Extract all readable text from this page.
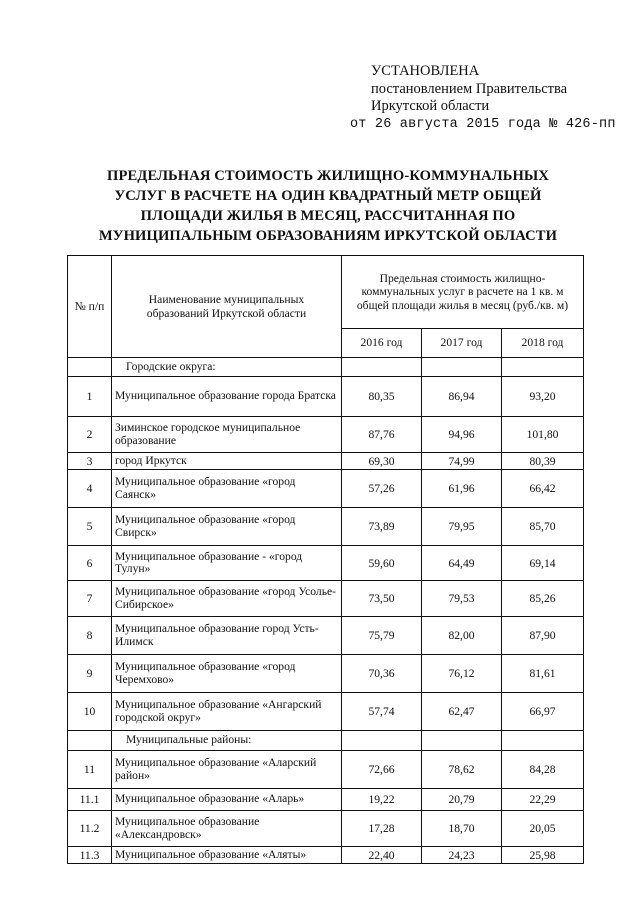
УСТАНОВЛЕНА
постановлением Правительства
Иркутской области
от 26 августа 2015 года № 426-пп
ПРЕДЕЛЬНАЯ СТОИМОСТЬ ЖИЛИЩНО-КОММУНАЛЬНЫХ
УСЛУГ В РАСЧЕТЕ НА ОДИН КВАДРАТНЫЙ МЕТР ОБЩЕЙ
ПЛОЩАДИ ЖИЛЬЯ В МЕСЯЦ, РАССЧИТАННАЯ ПО
МУНИЦИПАЛЬНЫМ ОБРАЗОВАНИЯМ ИРКУТСКОЙ ОБЛАСТИ
№ п/п	Наименование муниципальных образований Иркутской области	Предельная стоимость жилищно-коммунальных услуг в расчете на 1 кв. м общей площади жилья в месяц (руб./кв. м)		
		2016 год	2017 год	2018 год
	Городские округа:			
1	Муниципальное образование города Братска	80,35	86,94	93,20
2	Зиминское городское муниципальное образование	87,76	94,96	101,80
3	город Иркутск	69,30	74,99	80,39
4	Муниципальное образование «город Саянск»	57,26	61,96	66,42
5	Муниципальное образование «город Свирск»	73,89	79,95	85,70
6	Муниципальное образование - «город Тулун»	59,60	64,49	69,14
7	Муниципальное образование «город Усолье-Сибирское»	73,50	79,53	85,26
8	Муниципальное образование город Усть-Илимск	75,79	82,00	87,90
9	Муниципальное образование «город Черемхово»	70,36	76,12	81,61
10	Муниципальное образование «Ангарский городской округ»	57,74	62,47	66,97
	Муниципальные районы:			
11	Муниципальное образование «Аларский район»	72,66	78,62	84,28
11.1	Муниципальное образование «Аларь»	19,22	20,79	22,29
11.2	Муниципальное образование «Александровск»	17,28	18,70	20,05
11.3	Муниципальное образование «Аляты»	22,40	24,23	25,98
